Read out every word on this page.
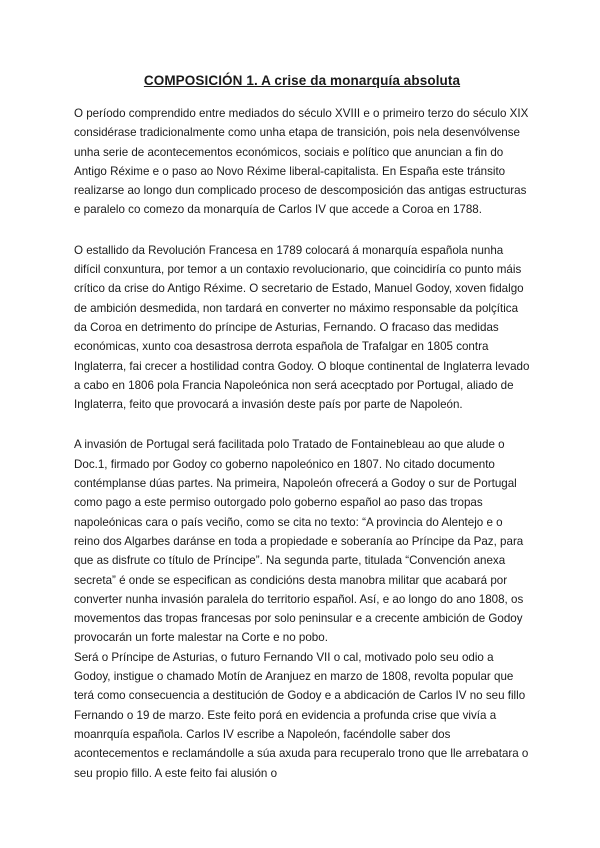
COMPOSICIÓN 1. A crise da monarquía absoluta

O período comprendido entre mediados do século XVIII e o primeiro terzo do século XIX considérase tradicionalmente como unha etapa de transición, pois nela desenvólvense unha serie de acontecementos económicos, sociais e político que anuncian a fin do Antigo Réxime e o paso ao Novo Réxime liberal-capitalista. En España este tránsito realizarse ao longo dun complicado proceso de descomposición das antigas estructuras e paralelo co comezo da monarquía de Carlos IV que accede a Coroa en 1788.

O estallido da Revolución Francesa en 1789 colocará á monarquía española nunha difícil conxuntura, por temor a un contaxio revolucionario, que coincidiría co punto máis crítico da crise do Antigo Réxime. O secretario de Estado, Manuel Godoy, xoven fidalgo de ambición desmedida, non tardará en converter no máximo responsable da polçítica da Coroa en detrimento do príncipe de Asturias, Fernando. O fracaso das medidas económicas, xunto coa desastrosa derrota española de Trafalgar en 1805 contra Inglaterra, fai crecer a hostilidad contra Godoy. O bloque continental de Inglaterra levado a cabo en 1806 pola Francia Napoleónica non será acecptado por Portugal, aliado de Inglaterra, feito que provocará a invasión deste país por parte de Napoleón.

A invasión de Portugal será facilitada polo Tratado de Fontainebleau ao que alude o Doc.1, firmado por Godoy co goberno napoleónico en 1807. No citado documento contémplanse dúas partes. Na primeira, Napoleón ofrecerá a Godoy o sur de Portugal como pago a este permiso outorgado polo goberno español ao paso das tropas napoleónicas cara o país veciño, como se cita no texto: “A provincia do Alentejo e o reino dos Algarbes daránse en toda a propiedade e soberanía ao Príncipe da Paz, para que as disfrute co título de Príncipe”. Na segunda parte, titulada “Convención anexa secreta” é onde se especifican as condicións desta manobra militar que acabará por converter nunha invasión paralela do territorio español. Así, e ao longo do ano 1808, os movementos das tropas francesas por solo peninsular e a crecente ambición de Godoy provocarán un forte malestar na Corte e no pobo.

Será o Príncipe de Asturias, o futuro Fernando VII o cal, motivado polo seu odio a Godoy, instigue o chamado Motín de Aranjuez en marzo de 1808, revolta popular que terá como consecuencia a destitución de Godoy e a abdicación de Carlos IV no seu fillo Fernando o 19 de marzo. Este feito porá en evidencia a profunda crise que vivía a moanrquía española. Carlos IV escribe a Napoleón, facéndolle saber dos acontecementos e reclamándolle a súa axuda para recuperalo trono que lle arrebatara o seu propio fillo. A este feito fai alusión o
